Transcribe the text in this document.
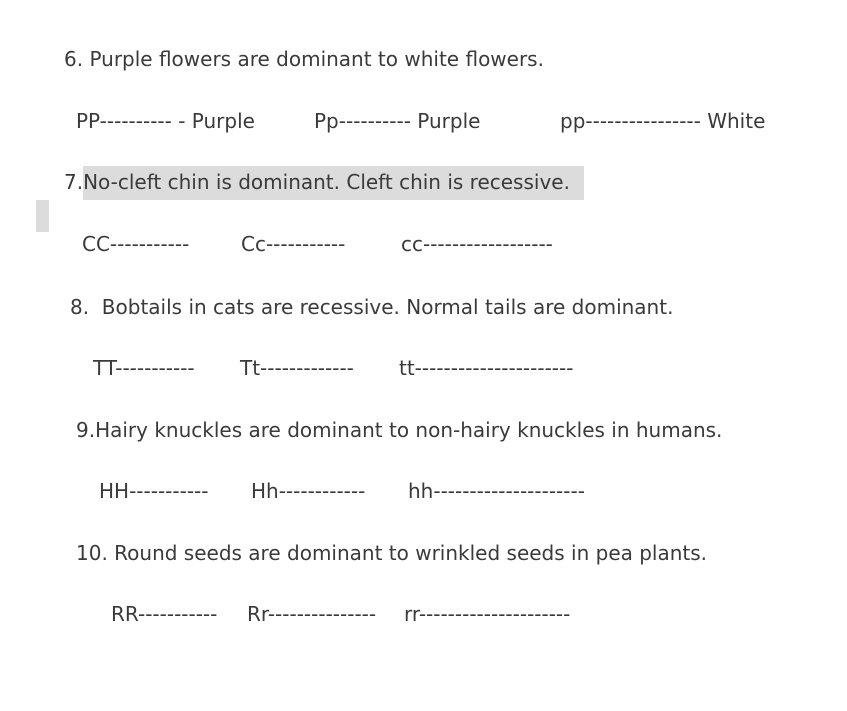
6. Purple flowers are dominant to white flowers.
PP---------- - Purple	Pp---------- Purple	pp---------------- White
7.No-cleft chin is dominant. Cleft chin is recessive.
CC-----------	Cc-----------	cc------------------
8.  Bobtails in cats are recessive. Normal tails are dominant.
TT----------- Tt------------- tt----------------------
9.Hairy knuckles are dominant to non-hairy knuckles in humans.
HH----------- Hh------------ hh---------------------
10. Round seeds are dominant to wrinkled seeds in pea plants.
RR----------- Rr--------------- rr---------------------
